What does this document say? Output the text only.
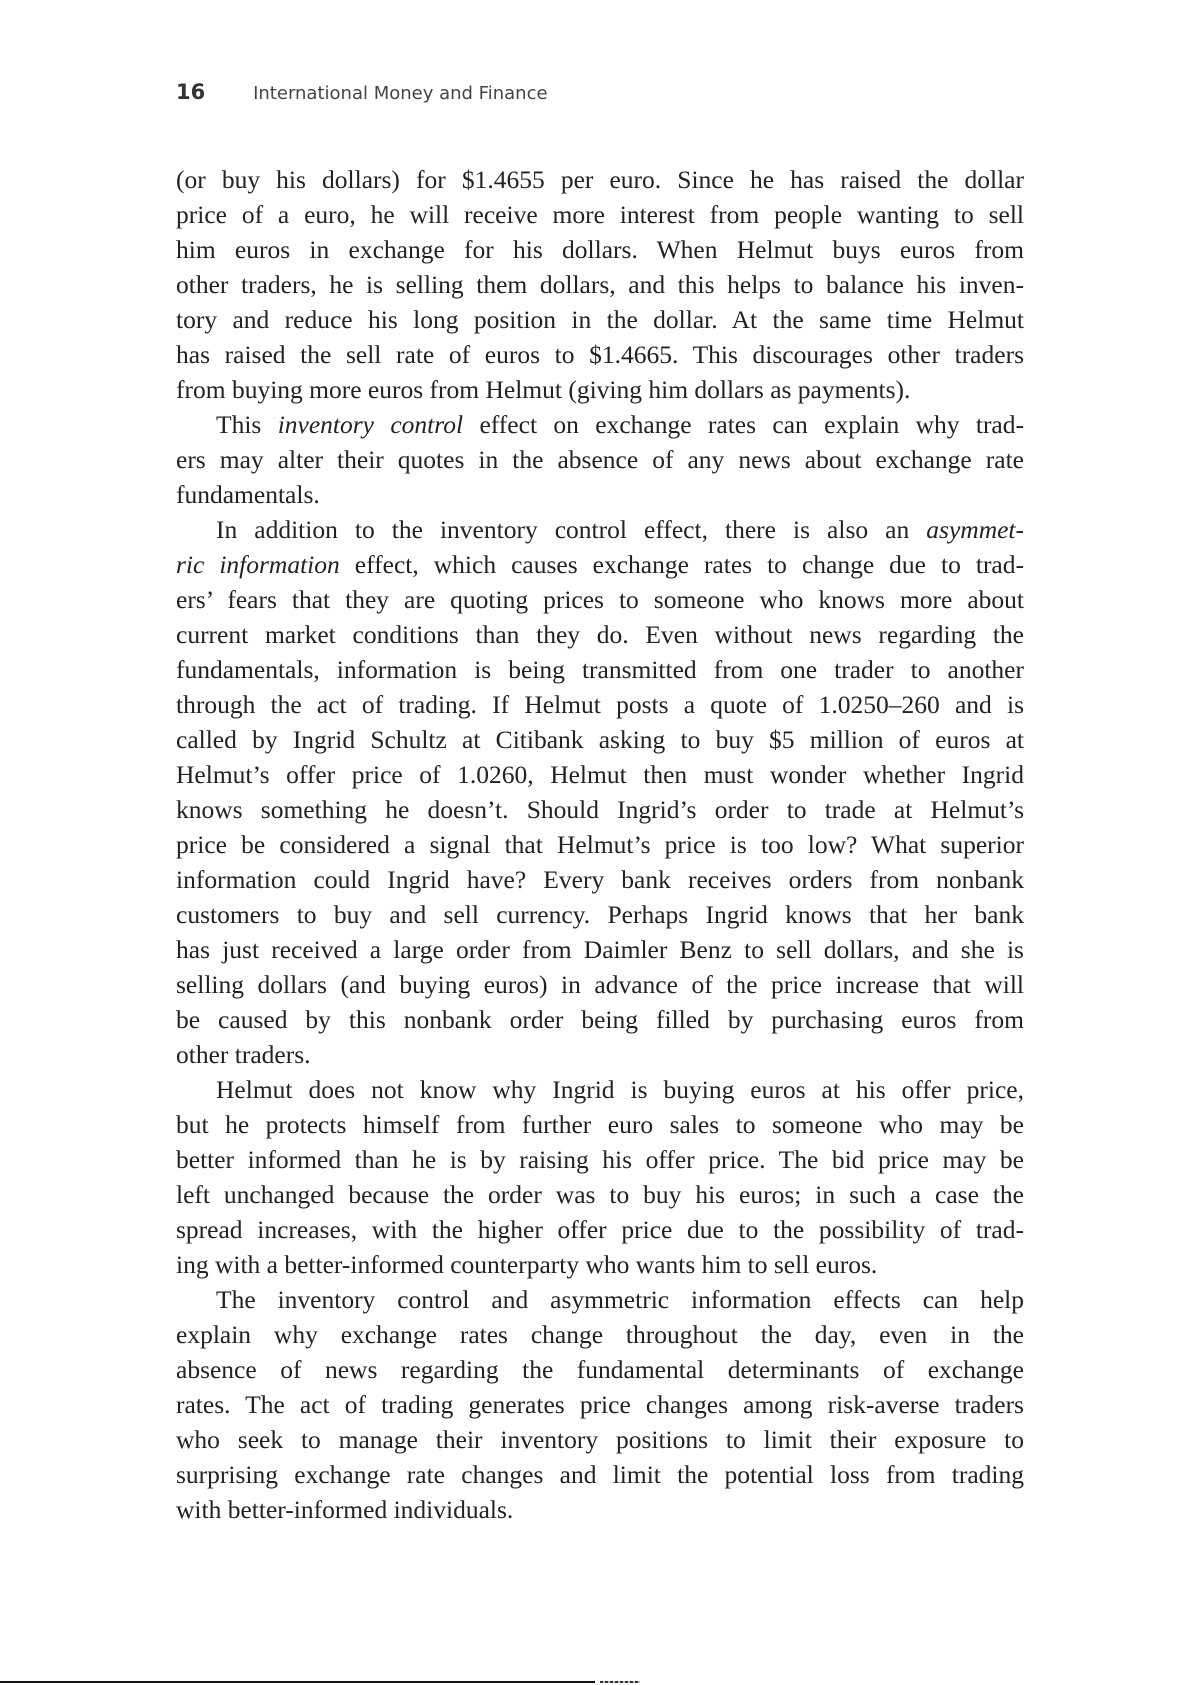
16	International Money and Finance
(or buy his dollars) for $1.4655 per euro. Since he has raised the dollar
price of a euro, he will receive more interest from people wanting to sell
him euros in exchange for his dollars. When Helmut buys euros from
other traders, he is selling them dollars, and this helps to balance his inven-
tory and reduce his long position in the dollar. At the same time Helmut
has raised the sell rate of euros to $1.4665. This discourages other traders
from buying more euros from Helmut (giving him dollars as payments).
This inventory control effect on exchange rates can explain why trad-
ers may alter their quotes in the absence of any news about exchange rate
fundamentals.
In addition to the inventory control effect, there is also an asymmet-
ric information effect, which causes exchange rates to change due to trad-
ers’ fears that they are quoting prices to someone who knows more about
current market conditions than they do. Even without news regarding the
fundamentals, information is being transmitted from one trader to another
through the act of trading. If Helmut posts a quote of 1.0250–260 and is
called by Ingrid Schultz at Citibank asking to buy $5 million of euros at
Helmut’s offer price of 1.0260, Helmut then must wonder whether Ingrid
knows something he doesn’t. Should Ingrid’s order to trade at Helmut’s
price be considered a signal that Helmut’s price is too low? What superior
information could Ingrid have? Every bank receives orders from nonbank
customers to buy and sell currency. Perhaps Ingrid knows that her bank
has just received a large order from Daimler Benz to sell dollars, and she is
selling dollars (and buying euros) in advance of the price increase that will
be caused by this nonbank order being filled by purchasing euros from
other traders.
Helmut does not know why Ingrid is buying euros at his offer price,
but he protects himself from further euro sales to someone who may be
better informed than he is by raising his offer price. The bid price may be
left unchanged because the order was to buy his euros; in such a case the
spread increases, with the higher offer price due to the possibility of trad-
ing with a better-informed counterparty who wants him to sell euros.
The inventory control and asymmetric information effects can help
explain why exchange rates change throughout the day, even in the
absence of news regarding the fundamental determinants of exchange
rates. The act of trading generates price changes among risk-averse traders
who seek to manage their inventory positions to limit their exposure to
surprising exchange rate changes and limit the potential loss from trading
with better-informed individuals.
